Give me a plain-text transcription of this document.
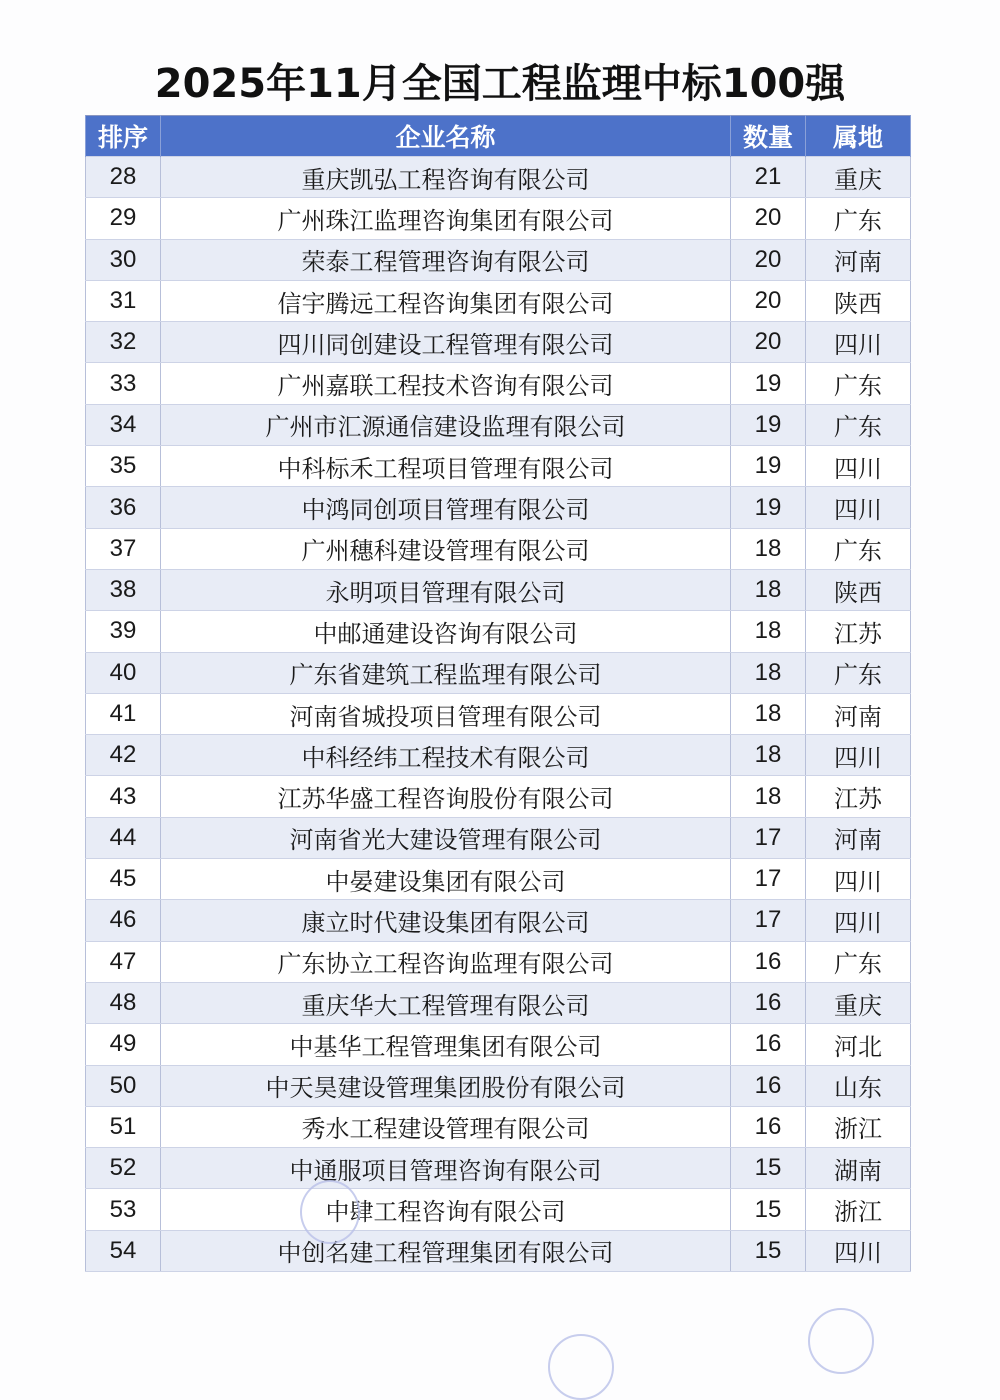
2025年11月全国工程监理中标100强
排序	企业名称	数量	属地
28	重庆凯弘工程咨询有限公司	21	重庆
29	广州珠江监理咨询集团有限公司	20	广东
30	荣泰工程管理咨询有限公司	20	河南
31	信宇腾远工程咨询集团有限公司	20	陕西
32	四川同创建设工程管理有限公司	20	四川
33	广州嘉联工程技术咨询有限公司	19	广东
34	广州市汇源通信建设监理有限公司	19	广东
35	中科标禾工程项目管理有限公司	19	四川
36	中鸿同创项目管理有限公司	19	四川
37	广州穗科建设管理有限公司	18	广东
38	永明项目管理有限公司	18	陕西
39	中邮通建设咨询有限公司	18	江苏
40	广东省建筑工程监理有限公司	18	广东
41	河南省城投项目管理有限公司	18	河南
42	中科经纬工程技术有限公司	18	四川
43	江苏华盛工程咨询股份有限公司	18	江苏
44	河南省光大建设管理有限公司	17	河南
45	中晏建设集团有限公司	17	四川
46	康立时代建设集团有限公司	17	四川
47	广东协立工程咨询监理有限公司	16	广东
48	重庆华大工程管理有限公司	16	重庆
49	中基华工程管理集团有限公司	16	河北
50	中天昊建设管理集团股份有限公司	16	山东
51	秀水工程建设管理有限公司	16	浙江
52	中通服项目管理咨询有限公司	15	湖南
53	中肆工程咨询有限公司	15	浙江
54	中创名建工程管理集团有限公司	15	四川
